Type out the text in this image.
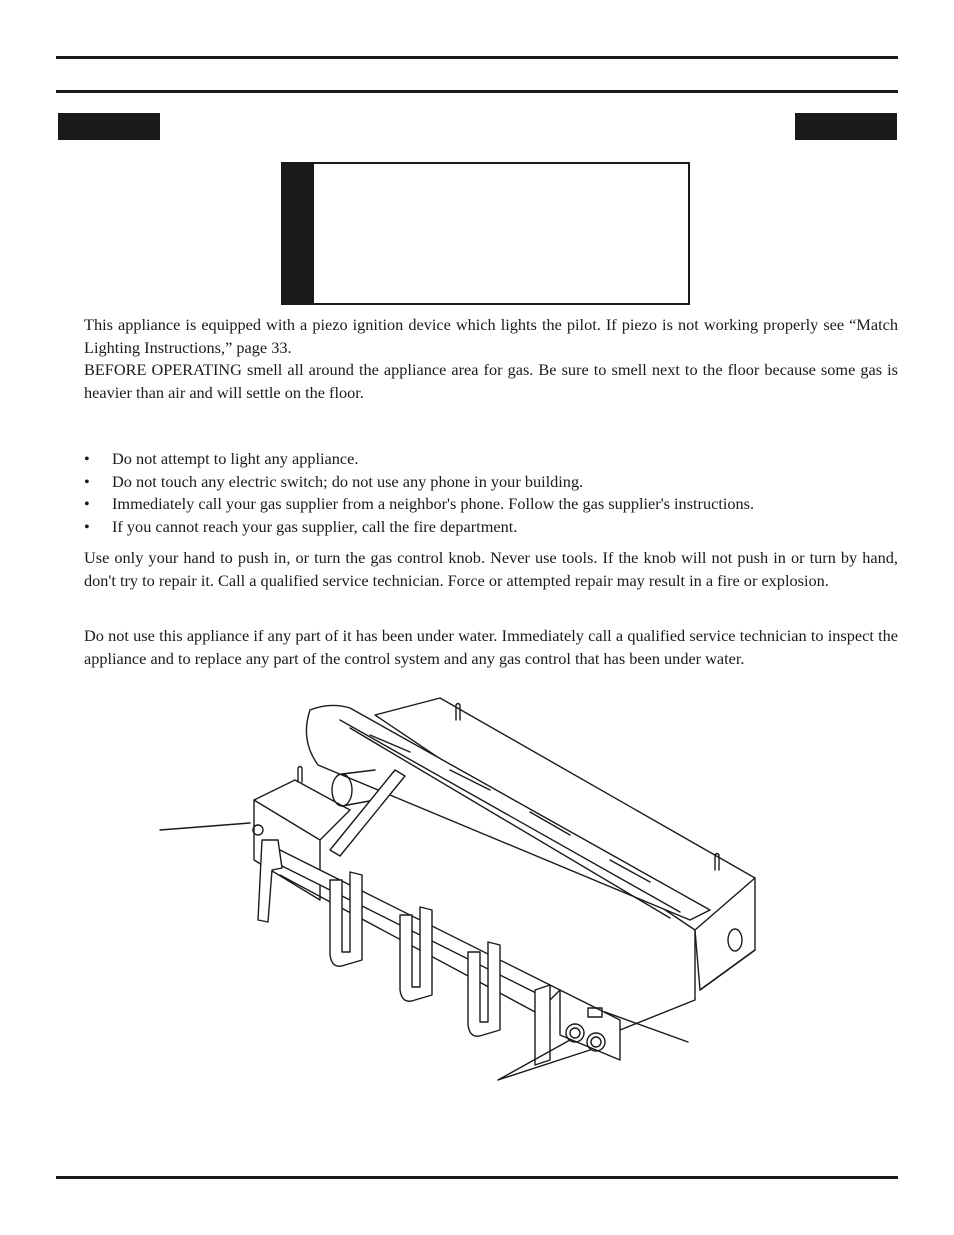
This appliance is equipped with a piezo ignition device which lights the pilot. If piezo is not working properly see “Match Lighting Instructions,” page 33.

BEFORE OPERATING smell all around the appliance area for gas. Be sure to smell next to the floor because some gas is heavier than air and will settle on the floor.

• Do not attempt to light any appliance.
• Do not touch any electric switch; do not use any phone in your building.
• Immediately call your gas supplier from a neighbor's phone. Follow the gas supplier's instructions.
• If you cannot reach your gas supplier, call the fire department.

Use only your hand to push in, or turn the gas control knob. Never use tools. If the knob will not push in or turn by hand, don't try to repair it. Call a qualified service technician. Force or attempted repair may result in a fire or explosion.

Do not use this appliance if any part of it has been under water. Immediately call a qualified service technician to inspect the appliance and to replace any part of the control system and any gas control that has been under water.
